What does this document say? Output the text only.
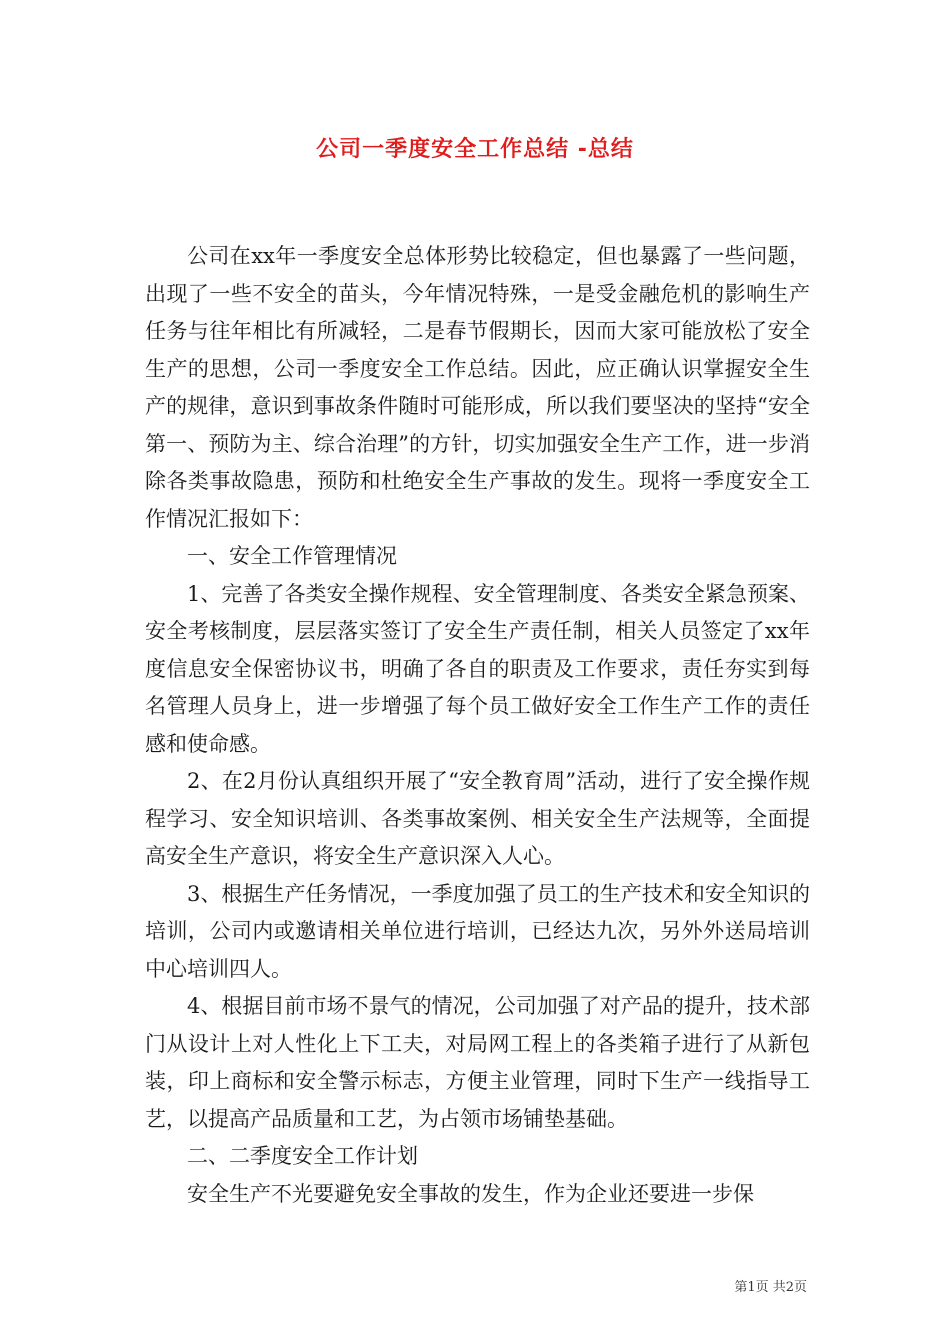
公司一季度安全工作总结 -总结

公司在xx年一季度安全总体形势比较稳定，但也暴露了一些问题，出现了一些不安全的苗头，今年情况特殊，一是受金融危机的影响生产任务与往年相比有所减轻，二是春节假期长，因而大家可能放松了安全生产的思想，公司一季度安全工作总结。因此，应正确认识掌握安全生产的规律，意识到事故条件随时可能形成，所以我们要坚决的坚持“安全第一、预防为主、综合治理”的方针，切实加强安全生产工作，进一步消除各类事故隐患，预防和杜绝安全生产事故的发生。现将一季度安全工作情况汇报如下：

一、安全工作管理情况

1、完善了各类安全操作规程、安全管理制度、各类安全紧急预案、安全考核制度，层层落实签订了安全生产责任制，相关人员签定了xx年度信息安全保密协议书，明确了各自的职责及工作要求，责任夯实到每名管理人员身上，进一步增强了每个员工做好安全工作生产工作的责任感和使命感。

2、在2月份认真组织开展了“安全教育周”活动，进行了安全操作规程学习、安全知识培训、各类事故案例、相关安全生产法规等，全面提高安全生产意识，将安全生产意识深入人心。

3、根据生产任务情况，一季度加强了员工的生产技术和安全知识的培训，公司内或邀请相关单位进行培训，已经达九次，另外外送局培训中心培训四人。

4、根据目前市场不景气的情况，公司加强了对产品的提升，技术部门从设计上对人性化上下工夫，对局网工程上的各类箱子进行了从新包装，印上商标和安全警示标志，方便主业管理，同时下生产一线指导工艺，以提高产品质量和工艺，为占领市场铺垫基础。

二、二季度安全工作计划

安全生产不光要避免安全事故的发生，作为企业还要进一步保

第1页 共2页
